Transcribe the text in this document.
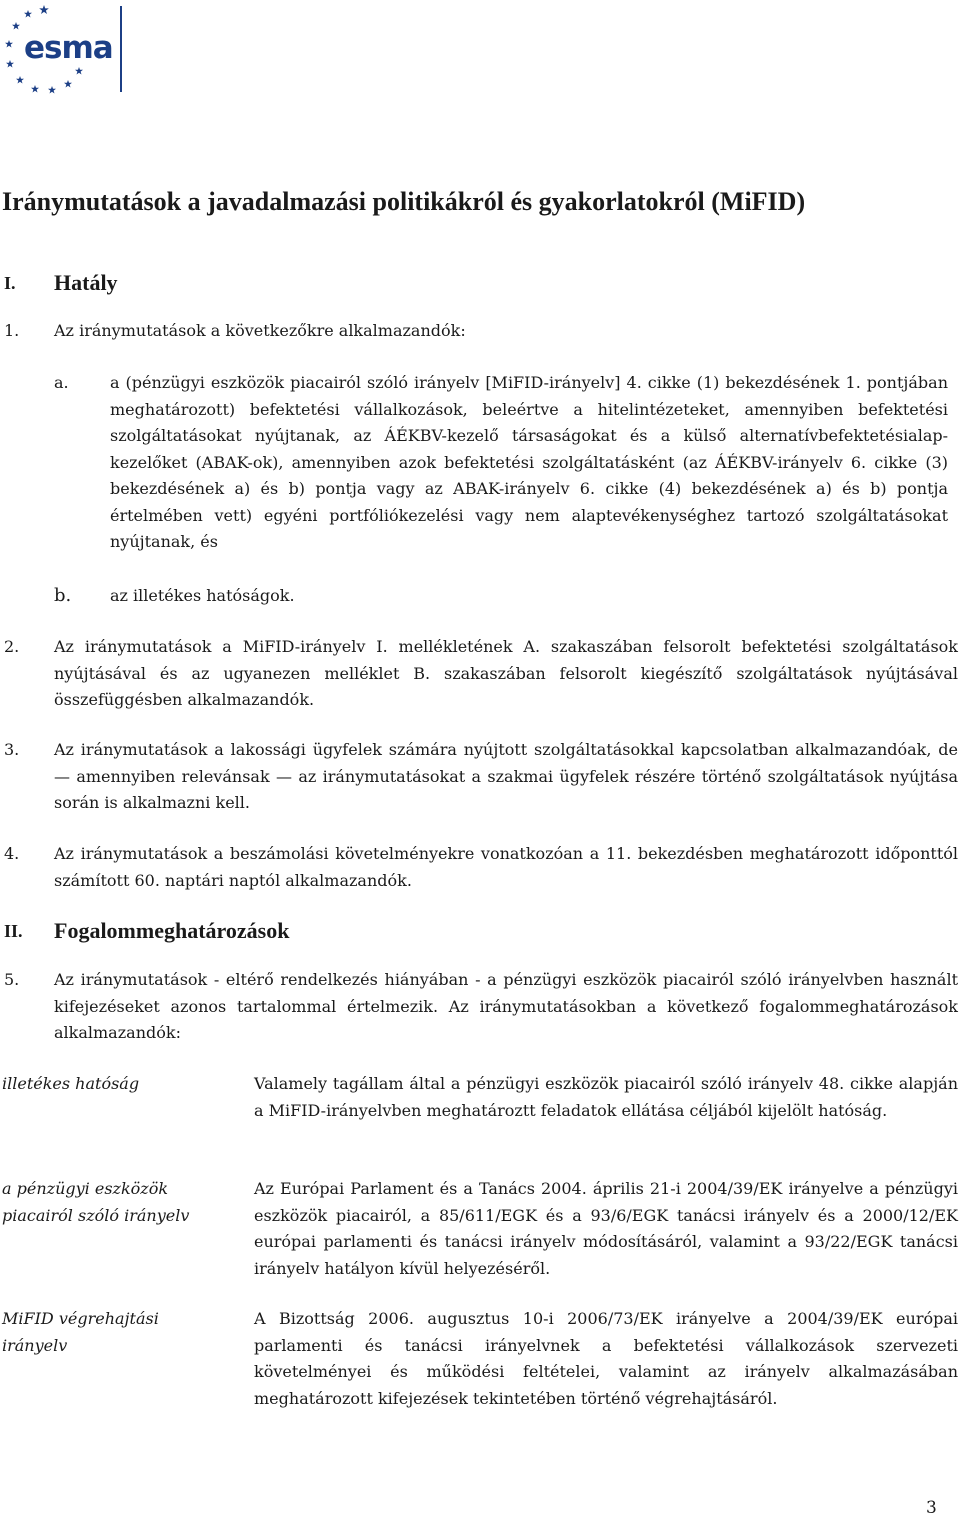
esma
Iránymutatások a javadalmazási politikákról és gyakorlatokról (MiFID)
I. Hatály
1. Az iránymutatások a következőkre alkalmazandók:
a.	a (pénzügyi eszközök piacairól szóló irányelv [MiFID-irányelv] 4. cikke (1) bekezdésének 1. pontjában meghatározott) befektetési vállalkozások, beleértve a hitelintézeteket, amennyiben befektetési szolgáltatásokat nyújtanak, az ÁÉKBV-kezelő társaságokat és a külső alternatívbefektetésialap-kezelőket (ABAK-ok), amennyiben azok befektetési szolgáltatásként (az ÁÉKBV-irányelv 6. cikke (3) bekezdésének a) és b) pontja vagy az ABAK-irányelv 6. cikke (4) bekezdésének a) és b) pontja értelmében vett) egyéni portfóliókezelési vagy nem alaptevékenységhez tartozó szolgáltatásokat nyújtanak, és
b. az illetékes hatóságok.
2. Az iránymutatások a MiFID-irányelv I. mellékletének A. szakaszában felsorolt befektetési szolgáltatások nyújtásával és az ugyanezen melléklet B. szakaszában felsorolt kiegészítő szolgáltatások nyújtásával összefüggésben alkalmazandók.
3. Az iránymutatások a lakossági ügyfelek számára nyújtott szolgáltatásokkal kapcsolatban alkalmazandóak, de — amennyiben relevánsak — az iránymutatásokat a szakmai ügyfelek részére történő szolgáltatások nyújtása során is alkalmazni kell.
4. Az iránymutatások a beszámolási követelményekre vonatkozóan a 11. bekezdésben meghatározott időponttól számított 60. naptári naptól alkalmazandók.
II. Fogalommeghatározások
5. Az iránymutatások - eltérő rendelkezés hiányában - a pénzügyi eszközök piacairól szóló irányelvben használt kifejezéseket azonos tartalommal értelmezik. Az iránymutatásokban a következő fogalommeghatározások alkalmazandók:
illetékes hatóság	Valamely tagállam által a pénzügyi eszközök piacairól szóló irányelv 48. cikke alapján a MiFID-irányelvben meghatároztt feladatok ellátása céljából kijelölt hatóság.
a pénzügyi eszközök piacairól szóló irányelv
Az Európai Parlament és a Tanács 2004. április 21-i 2004/39/EK irányelve a pénzügyi eszközök piacairól, a 85/611/EGK és a 93/6/EGK tanácsi irányelv és a 2000/12/EK európai parlamenti és tanácsi irányelv módosításáról, valamint a 93/22/EGK tanácsi irányelv hatályon kívül helyezéséről.
MiFID végrehajtási irányelv
A Bizottság 2006. augusztus 10-i 2006/73/EK irányelve a 2004/39/EK európai parlamenti és tanácsi irányelvnek a befektetési vállalkozások szervezeti követelményei és működési feltételei, valamint az irányelv alkalmazásában meghatározott kifejezések tekintetében történő végrehajtásáról.
3
